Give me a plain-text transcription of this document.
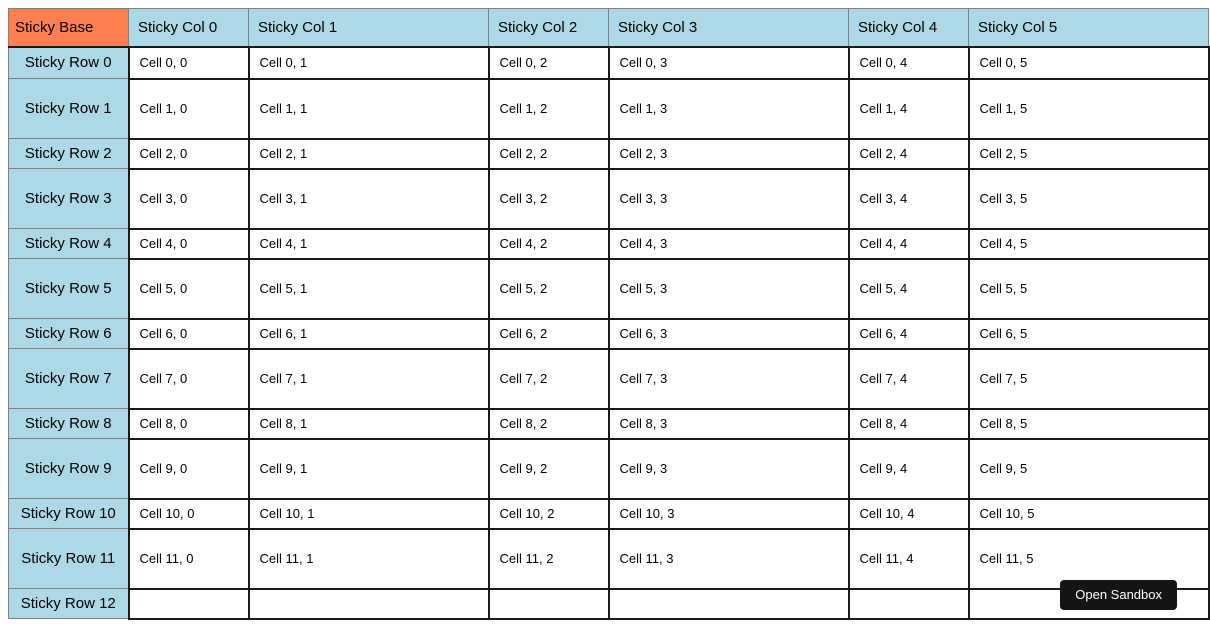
Sticky Base	Sticky Col 0	Sticky Col 1	Sticky Col 2	Sticky Col 3	Sticky Col 4	Sticky Col 5
Sticky Row 0	Cell 0, 0	Cell 0, 1	Cell 0, 2	Cell 0, 3	Cell 0, 4	Cell 0, 5
Sticky Row 1	Cell 1, 0	Cell 1, 1	Cell 1, 2	Cell 1, 3	Cell 1, 4	Cell 1, 5
Sticky Row 2	Cell 2, 0	Cell 2, 1	Cell 2, 2	Cell 2, 3	Cell 2, 4	Cell 2, 5
Sticky Row 3	Cell 3, 0	Cell 3, 1	Cell 3, 2	Cell 3, 3	Cell 3, 4	Cell 3, 5
Sticky Row 4	Cell 4, 0	Cell 4, 1	Cell 4, 2	Cell 4, 3	Cell 4, 4	Cell 4, 5
Sticky Row 5	Cell 5, 0	Cell 5, 1	Cell 5, 2	Cell 5, 3	Cell 5, 4	Cell 5, 5
Sticky Row 6	Cell 6, 0	Cell 6, 1	Cell 6, 2	Cell 6, 3	Cell 6, 4	Cell 6, 5
Sticky Row 7	Cell 7, 0	Cell 7, 1	Cell 7, 2	Cell 7, 3	Cell 7, 4	Cell 7, 5
Sticky Row 8	Cell 8, 0	Cell 8, 1	Cell 8, 2	Cell 8, 3	Cell 8, 4	Cell 8, 5
Sticky Row 9	Cell 9, 0	Cell 9, 1	Cell 9, 2	Cell 9, 3	Cell 9, 4	Cell 9, 5
Sticky Row 10	Cell 10, 0	Cell 10, 1	Cell 10, 2	Cell 10, 3	Cell 10, 4	Cell 10, 5
Sticky Row 11	Cell 11, 0	Cell 11, 1	Cell 11, 2	Cell 11, 3	Cell 11, 4	Cell 11, 5
Sticky Row 12						
Open Sandbox
